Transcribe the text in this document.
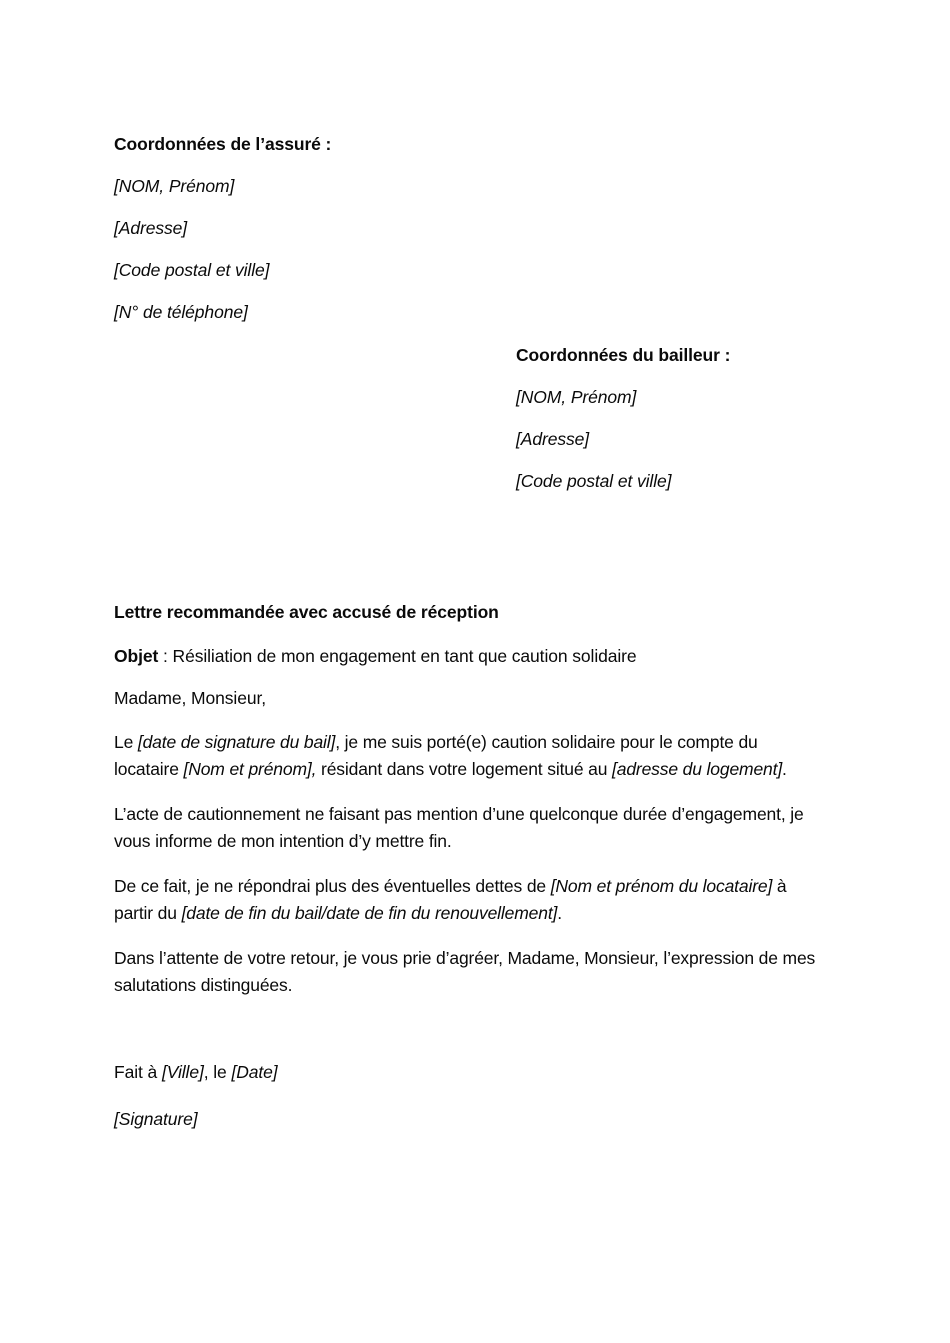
Coordonnées de l’assuré :
[NOM, Prénom]
[Adresse]
[Code postal et ville]
[N° de téléphone]
Coordonnées du bailleur :
[NOM, Prénom]
[Adresse]
[Code postal et ville]
Lettre recommandée avec accusé de réception
Objet : Résiliation de mon engagement en tant que caution solidaire
Madame, Monsieur,

Le [date de signature du bail], je me suis porté(e) caution solidaire pour le compte du locataire [Nom et prénom], résidant dans votre logement situé au [adresse du logement].

L’acte de cautionnement ne faisant pas mention d’une quelconque durée d’engagement, je vous informe de mon intention d’y mettre fin.

De ce fait, je ne répondrai plus des éventuelles dettes de [Nom et prénom du locataire] à partir du [date de fin du bail/date de fin du renouvellement].

Dans l’attente de votre retour, je vous prie d’agréer, Madame, Monsieur, l’expression de mes salutations distinguées.

Fait à [Ville], le [Date]
[Signature]
